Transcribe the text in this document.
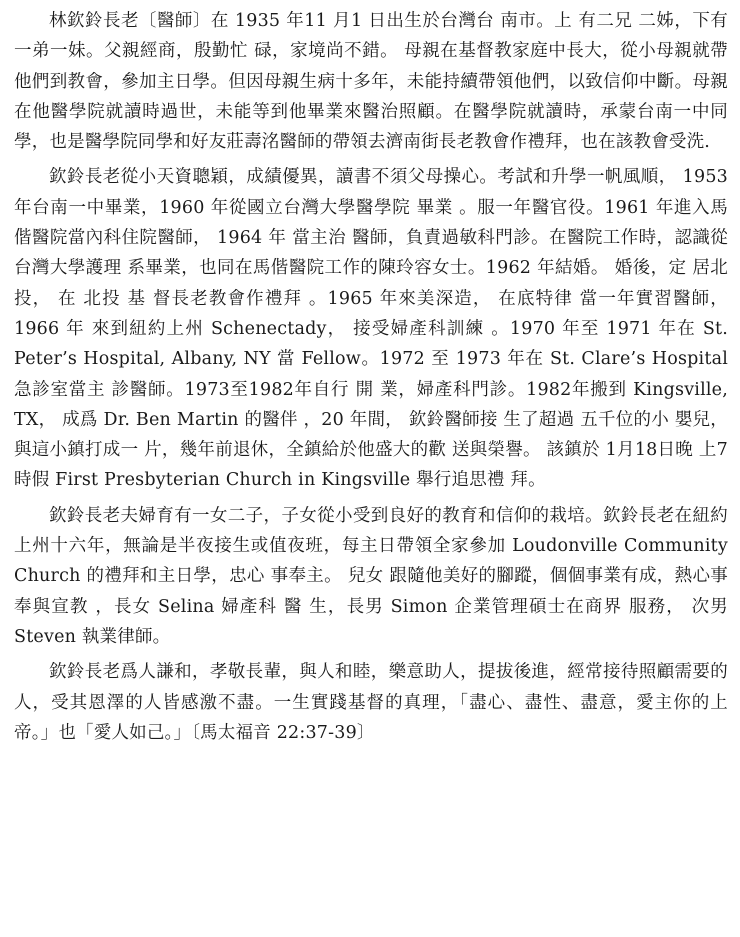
林欽鈴長老〔醫師〕在 1935 年11 月1 日出生於台灣台 南市。上 有二兄 二姊，下有一弟一妹。父親經商，殷勤忙 碌，家境尚不錯。 母親在基督教家庭中長大，從小母親就帶他們到教會，參加主日學。但因母親生病十多年，未能持續帶領他們，以致信仰中斷。母親在他醫學院就讀時過世，未能等到他畢業來醫治照顧。在醫學院就讀時，承蒙台南一中同學，也是醫學院同學和好友莊壽洺醫師的帶領去濟南街長老教會作禮拜，也在該教會受洗.

欽鈴長老從小天資聰穎，成績優異，讀書不須父母操心。考試和升學一帆風順， 1953 年台南一中畢業，1960 年從國立台灣大學醫學院 畢業 。服一年醫官役。1961 年進入馬偕醫院當內科住院醫師， 1964 年 當主治 醫師，負責過敏科門診。在醫院工作時，認識從台灣大學護理 系畢業，也同在馬偕醫院工作的陳玲容女士。1962 年結婚。 婚後，定 居北投， 在 北投 基 督長老教會作禮拜 。1965 年來美深造， 在底特律 當一年實習醫師，1966 年 來到紐約上州 Schenectady， 接受婦產科訓練 。1970 年至 1971 年在 St. Peter’s Hospital, Albany, NY 當 Fellow。1972 至 1973 年在 St. Clare’s Hospital 急診室當主 診醫師。1973至1982年自行 開 業，婦產科門診。1982年搬到 Kingsville, TX， 成爲 Dr. Ben Martin 的醫伴 ，20 年間， 欽鈴醫師接 生了超過 五千位的小 嬰兒，與這小鎮打成一 片，幾年前退休，全鎮給於他盛大的歡 送與榮譽。 該鎮於 1月18日晚 上7時假 First Presbyterian Church in Kingsville 舉行追思禮 拜。

欽鈴長老夫婦育有一女二子，子女從小受到良好的教育和信仰的栽培。欽鈴長老在紐約上州十六年，無論是半夜接生或值夜班，每主日帶領全家參加 Loudonville Community Church 的禮拜和主日學，忠心 事奉主。 兒女 跟隨他美好的腳蹤，個個事業有成，熱心事奉與宣教 ，長女 Selina 婦產科 醫 生，長男 Simon 企業管理碩士在商界 服務， 次男 Steven 執業律師。

欽鈴長老爲人謙和，孝敬長輩，與人和睦，樂意助人，提拔後進，經常接待照顧需要的人，受其恩澤的人皆感激不盡。一生實踐基督的真理，「盡心、盡性、盡意，愛主你的上帝。」也「愛人如己。」〔馬太福音 22:37-39〕
